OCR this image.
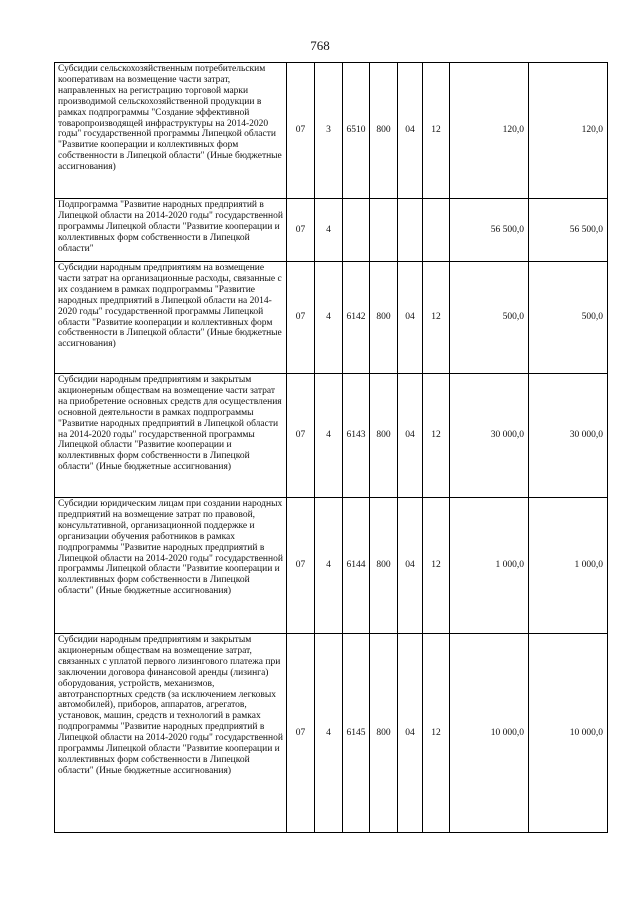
768
Субсидии сельскохозяйственным потребительским кооперативам на возмещение части затрат, направленных на регистрацию торговой марки производимой сельскохозяйственной продукции в рамках подпрограммы "Создание эффективной товаропроизводящей инфраструктуры на 2014-2020 годы" государственной программы Липецкой области "Развитие кооперации и коллективных форм собственности в Липецкой области" (Иные бюджетные ассигнования)	07	3	6510	800	04	12	120,0	120,0
Подпрограмма "Развитие народных предприятий в Липецкой области на 2014-2020 годы" государственной программы Липецкой области "Развитие кооперации и коллективных форм собственности в Липецкой области"	07	4					56 500,0	56 500,0
Субсидии народным предприятиям на возмещение части затрат на организационные расходы, связанные с их созданием в рамках подпрограммы "Развитие народных предприятий в Липецкой области на 2014-2020 годы" государственной программы Липецкой области "Развитие кооперации и коллективных форм собственности в Липецкой области" (Иные бюджетные ассигнования)	07	4	6142	800	04	12	500,0	500,0
Субсидии народным предприятиям и закрытым акционерным обществам на возмещение части затрат на приобретение основных средств для осуществления основной деятельности в рамках подпрограммы "Развитие народных предприятий в Липецкой области на 2014-2020 годы" государственной программы Липецкой области "Развитие кооперации и коллективных форм собственности в Липецкой области" (Иные бюджетные ассигнования)	07	4	6143	800	04	12	30 000,0	30 000,0
Субсидии юридическим лицам при создании народных предприятий на возмещение затрат по правовой, консультативной, организационной поддержке и организации обучения работников в рамках подпрограммы "Развитие народных предприятий в Липецкой области на 2014-2020 годы" государственной программы Липецкой области "Развитие кооперации и коллективных форм собственности в Липецкой области" (Иные бюджетные ассигнования)	07	4	6144	800	04	12	1 000,0	1 000,0
Субсидии народным предприятиям и закрытым акционерным обществам на возмещение затрат, связанных с уплатой первого лизингового платежа при заключении договора финансовой аренды (лизинга) оборудования, устройств, механизмов, автотранспортных средств (за исключением легковых автомобилей), приборов, аппаратов, агрегатов, установок, машин, средств и технологий в рамках подпрограммы "Развитие народных предприятий в Липецкой области на 2014-2020 годы" государственной программы Липецкой области "Развитие кооперации и коллективных форм собственности в Липецкой области" (Иные бюджетные ассигнования)	07	4	6145	800	04	12	10 000,0	10 000,0
